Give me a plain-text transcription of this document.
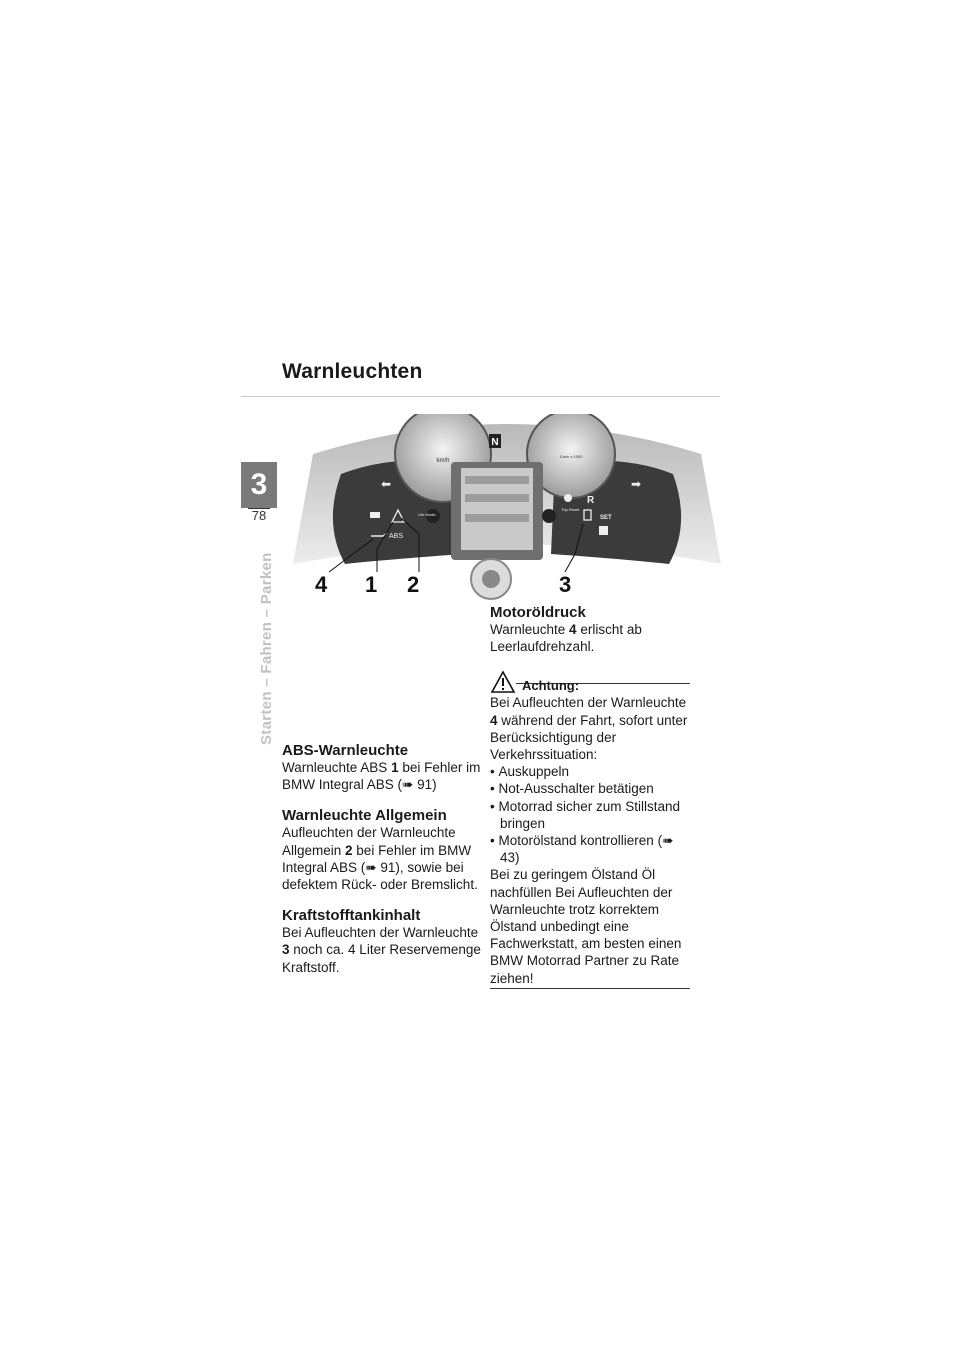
Warnleuchten
3
78
Starten – Fahren – Parken
km/h
1/min x 1000
N
Uhr Mode
Trip Reset
⬅
ABS
➡
R
SET
4 1 2	3
ABS-Warnleuchte

Warnleuchte ABS 1 bei Fehler im BMW Integral ABS (➠ 91)

Warnleuchte Allgemein

Aufleuchten der Warnleuchte Allgemein 2 bei Fehler im BMW Integral ABS (➠ 91), sowie bei defektem Rück- oder Bremslicht.

Kraftstofftankinhalt

Bei Aufleuchten der Warnleuchte 3 noch ca. 4 Liter Reservemenge Kraftstoff.

Motoröldruck

Warnleuchte 4 erlischt ab Leerlaufdrehzahl.

Achtung:

Bei Aufleuchten der Warnleuchte 4 während der Fahrt, sofort unter Berücksichtigung der Verkehrssituation:

• Auskuppeln
• Not-Ausschalter betätigen
• Motorrad sicher zum Stillstand bringen
• Motorölstand kontrollieren (➠ 43)

Bei zu geringem Ölstand Öl nachfüllen Bei Aufleuchten der Warnleuchte trotz korrektem Ölstand unbedingt eine Fachwerkstatt, am besten einen BMW Motorrad Partner zu Rate ziehen!
